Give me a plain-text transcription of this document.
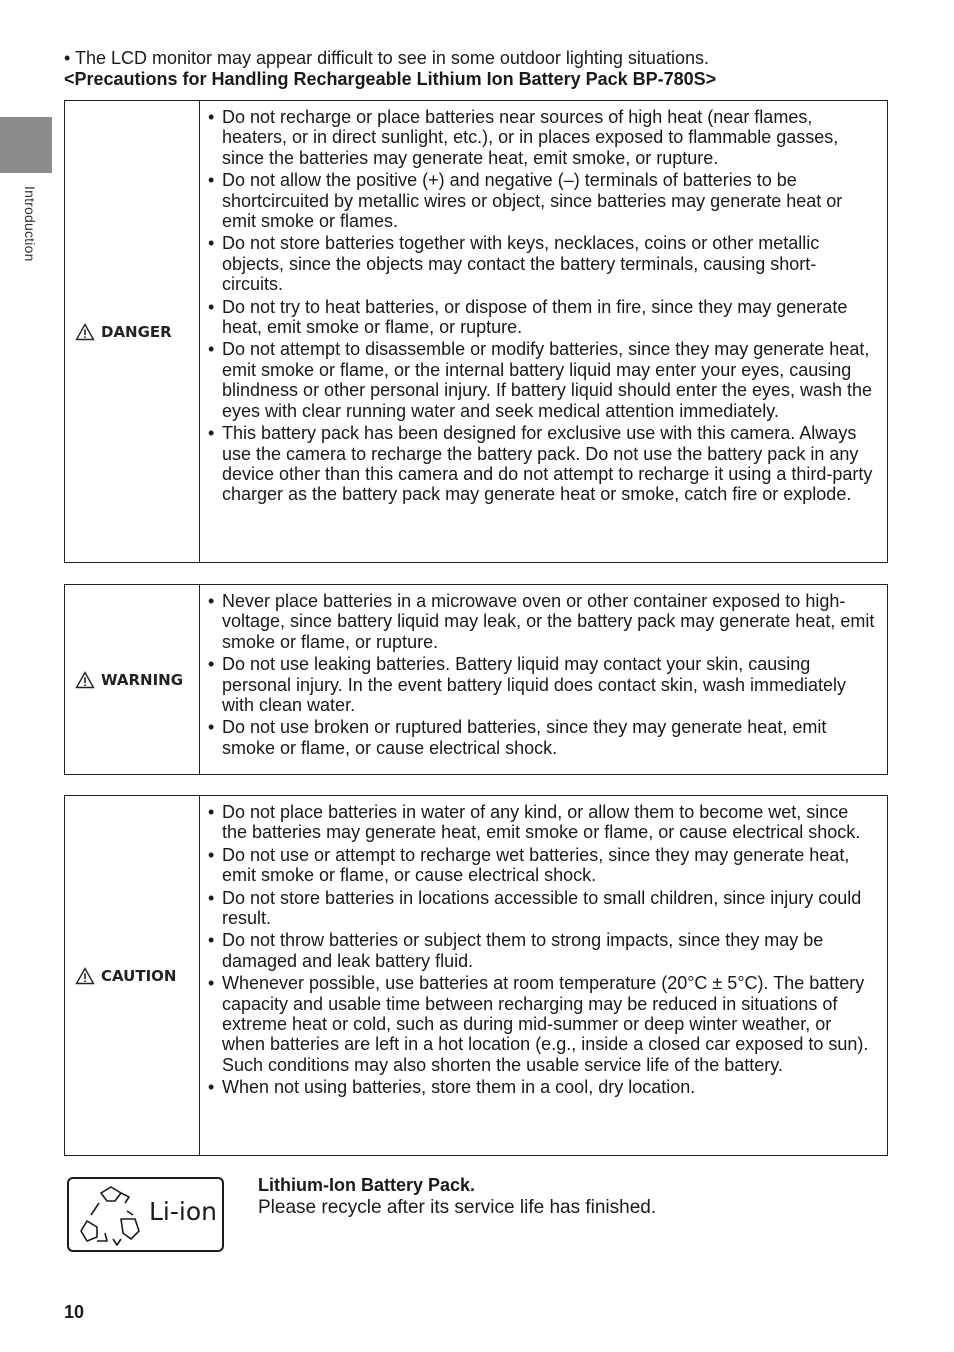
Introduction
• The LCD monitor may appear difficult to see in some outdoor lighting situations.
<Precautions for Handling Rechargeable Lithium Ion Battery Pack BP-780S>
DANGER
• Do not recharge or place batteries near sources of high heat (near flames, heaters, or in direct sunlight, etc.), or in places exposed to flammable gasses, since the batteries may generate heat, emit smoke, or rupture.
• Do not allow the positive (+) and negative (–) terminals of batteries to be shortcircuited by metallic wires or object, since batteries may generate heat or emit smoke or flames.
• Do not store batteries together with keys, necklaces, coins or other metallic objects, since the objects may contact the battery terminals, causing short-circuits.
• Do not try to heat batteries, or dispose of them in fire, since they may generate heat, emit smoke or flame, or rupture.
• Do not attempt to disassemble or modify batteries, since they may generate heat, emit smoke or flame, or the internal battery liquid may enter your eyes, causing blindness or other personal injury. If battery liquid should enter the eyes, wash the eyes with clear running water and seek medical attention immediately.
• This battery pack has been designed for exclusive use with this camera. Always use the camera to recharge the battery pack. Do not use the battery pack in any device other than this camera and do not attempt to recharge it using a third-party charger as the battery pack may generate heat or smoke, catch fire or explode.
WARNING
• Never place batteries in a microwave oven or other container exposed to high-voltage, since battery liquid may leak, or the battery pack may generate heat, emit smoke or flame, or rupture.
• Do not use leaking batteries. Battery liquid may contact your skin, causing personal injury. In the event battery liquid does contact skin, wash immediately with clean water.
• Do not use broken or ruptured batteries, since they may generate heat, emit smoke or flame, or cause electrical shock.
CAUTION
• Do not place batteries in water of any kind, or allow them to become wet, since the batteries may generate heat, emit smoke or flame, or cause electrical shock.
• Do not use or attempt to recharge wet batteries, since they may generate heat, emit smoke or flame, or cause electrical shock.
• Do not store batteries in locations accessible to small children, since injury could result.
• Do not throw batteries or subject them to strong impacts, since they may be damaged and leak battery fluid.
• Whenever possible, use batteries at room temperature (20°C ± 5°C). The battery capacity and usable time between recharging may be reduced in situations of extreme heat or cold, such as during mid-summer or deep winter weather, or when batteries are left in a hot location (e.g., inside a closed car exposed to sun). Such conditions may also shorten the usable service life of the battery.
• When not using batteries, store them in a cool, dry location.
Li-ion
Lithium-Ion Battery Pack.
Please recycle after its service life has finished.
10
